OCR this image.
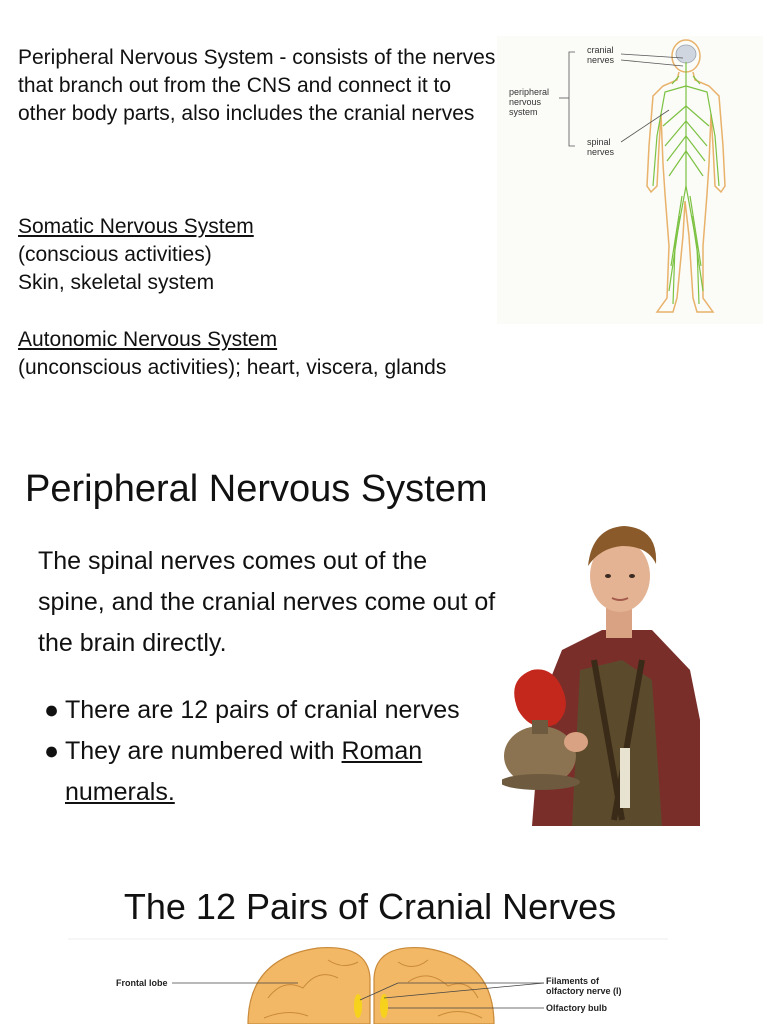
Peripheral Nervous System - consists of the nerves that branch out from the CNS and connect it to other body parts, also includes the cranial nerves
Somatic Nervous System
(conscious activities)
Skin, skeletal system
Autonomic Nervous System
(unconscious activities); heart, viscera, glands
cranial
nerves
peripheral
nervous
system
spinal
nerves
Peripheral Nervous System
The spinal nerves comes out of the spine, and the cranial nerves come out of the brain directly.
● There are 12 pairs of cranial nerves
● They are numbered with Roman numerals.
The 12 Pairs of Cranial Nerves
Frontal lobe	Filaments of
olfactory nerve (I)
Olfactory bulb
